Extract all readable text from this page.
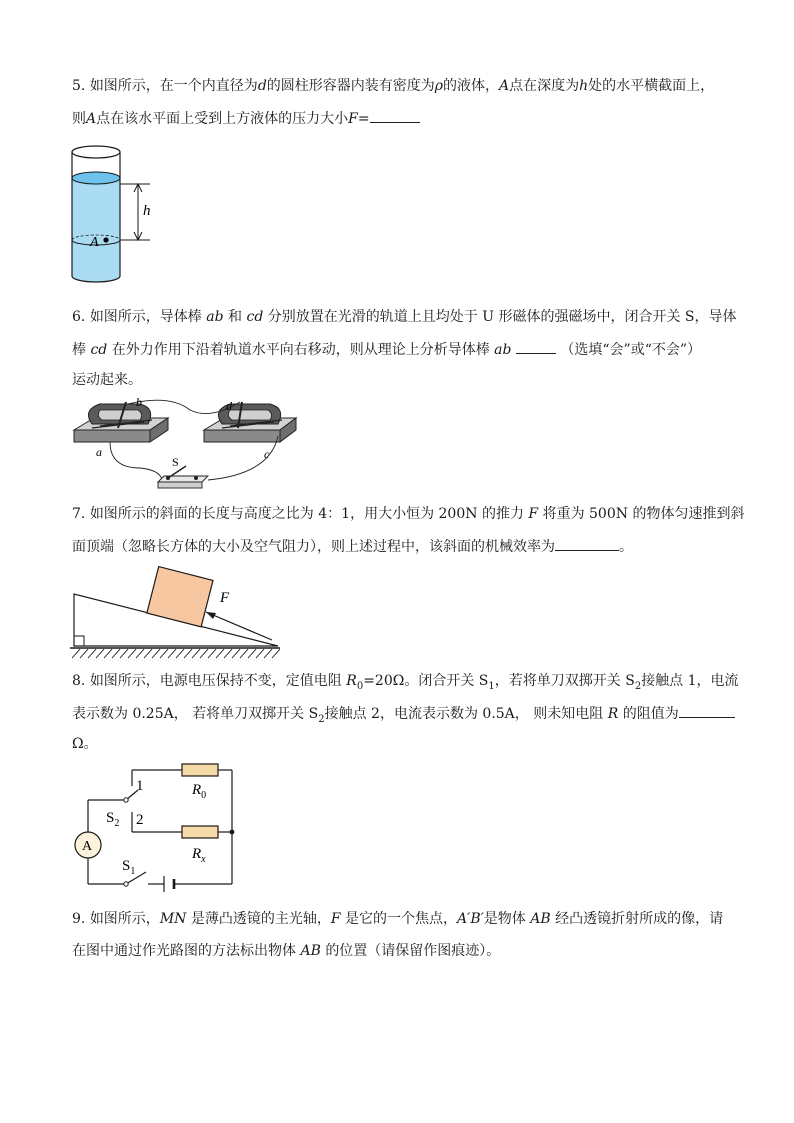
5. 如图所示，在一个内直径为d的圆柱形容器内装有密度为ρ的液体，A点在深度为h处的水平横截面上，
则A点在该水平面上受到上方液体的压力大小F=
A
h
6. 如图所示，导体棒 ab 和 cd 分别放置在光滑的轨道上且均处于 U 形磁体的强磁场中，闭合开关 S，导体
棒 cd 在外力作用下沿着轨道水平向右移动，则从理论上分析导体棒 ab	（选填“会”或“不会”）
运动起来。
b
a
d
c
S
7. 如图所示的斜面的长度与高度之比为 4：1，用大小恒为 200N 的推力 F 将重为 500N 的物体匀速推到斜
面顶端（忽略长方体的大小及空气阻力），则上述过程中，该斜面的机械效率为	。
F
8. 如图所示，电源电压保持不变，定值电阻 $R_0=20\Omega$。闭合开关 $S_1$，若将单刀双掷开关 $S_2$接触点 1，电流
表示数为 0.25A， 若将单刀双掷开关 $S_2$接触点 2，电流表示数为 0.5A， 则未知电阻 R 的阻值为
Ω。
A
1
2
$R_0$
$R_x$
$S_2$
$S_1$
9. 如图所示，MN 是薄凸透镜的主光轴，F 是它的一个焦点，A′B′是物体 AB 经凸透镜折射所成的像，请
在图中通过作光路图的方法标出物体 AB 的位置（请保留作图痕迹）。
